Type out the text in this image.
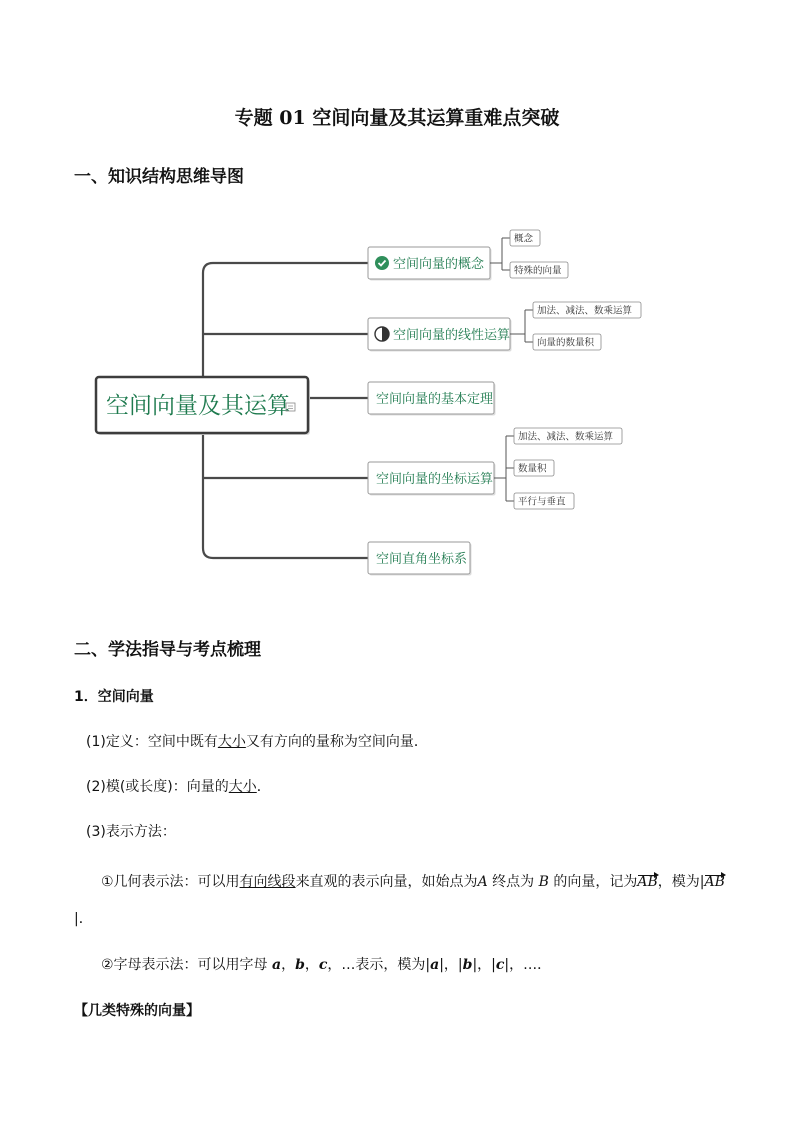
专题 01 空间向量及其运算重难点突破
一、知识结构思维导图
空间向量及其运算
空间向量的概念
概念
特殊的向量
空间向量的线性运算
加法、减法、数乘运算
向量的数量积
空间向量的基本定理
空间向量的坐标运算
加法、减法、数乘运算
数量积
平行与垂直
空间直角坐标系
二、学法指导与考点梳理
1．空间向量
(1)定义：空间中既有大小又有方向的量称为空间向量．
(2)模(或长度)：向量的大小．
(3)表示方法：
①几何表示法：可以用有向线段来直观的表示向量，如始点为A 终点为 B 的向量，记为AB，模为|AB
|．
②字母表示法：可以用字母 a，b，c，…表示，模为|a|，|b|，|c|，…．
【几类特殊的向量】
